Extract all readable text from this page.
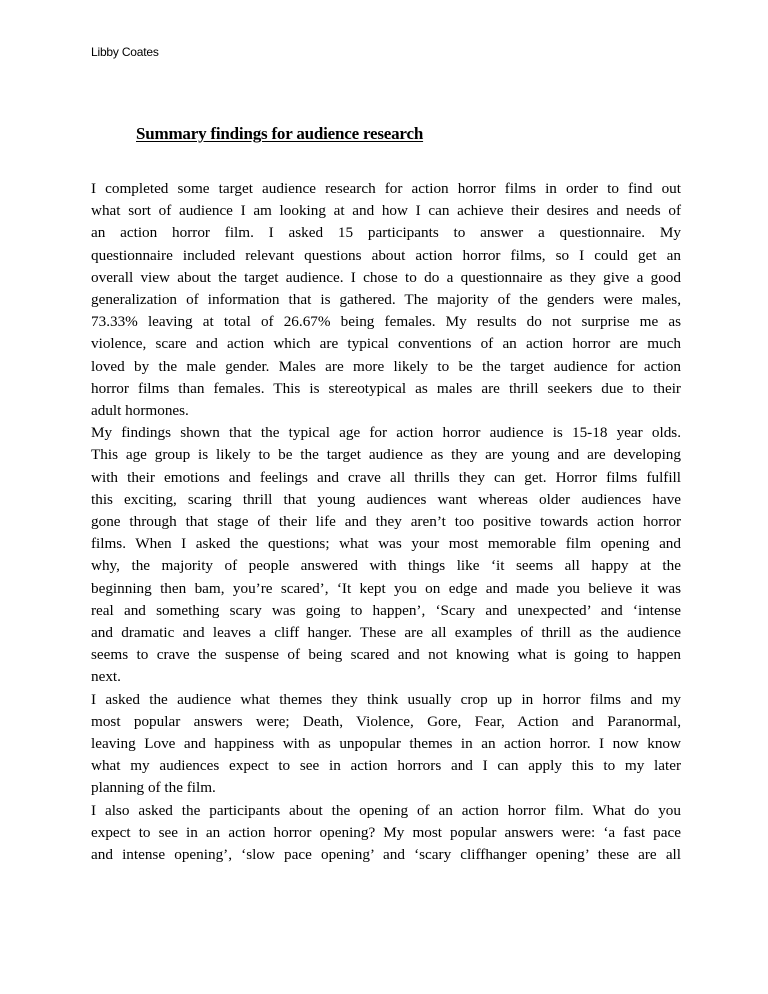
Libby Coates
Summary findings for audience research

I completed some target audience research for action horror films in order to find out
what sort of audience I am looking at and how I can achieve their desires and needs of
an action horror film. I asked 15 participants to answer a questionnaire. My
questionnaire included relevant questions about action horror films, so I could get an
overall view about the target audience. I chose to do a questionnaire as they give a good
generalization of information that is gathered. The majority of the genders were males,
73.33% leaving at total of 26.67% being females. My results do not surprise me as
violence, scare and action which are typical conventions of an action horror are much
loved by the male gender. Males are more likely to be the target audience for action
horror films than females. This is stereotypical as males are thrill seekers due to their
adult hormones.

My findings shown that the typical age for action horror audience is 15-18 year olds.
This age group is likely to be the target audience as they are young and are developing
with their emotions and feelings and crave all thrills they can get. Horror films fulfill
this exciting, scaring thrill that young audiences want whereas older audiences have
gone through that stage of their life and they aren’t too positive towards action horror
films. When I asked the questions; what was your most memorable film opening and
why, the majority of people answered with things like ‘it seems all happy at the
beginning then bam, you’re scared’, ‘It kept you on edge and made you believe it was
real and something scary was going to happen’, ‘Scary and unexpected’ and ‘intense
and dramatic and leaves a cliff hanger. These are all examples of thrill as the audience
seems to crave the suspense of being scared and not knowing what is going to happen
next.

I asked the audience what themes they think usually crop up in horror films and my
most popular answers were; Death, Violence, Gore, Fear, Action and Paranormal,
leaving Love and happiness with as unpopular themes in an action horror. I now know
what my audiences expect to see in action horrors and I can apply this to my later
planning of the film.

I also asked the participants about the opening of an action horror film. What do you
expect to see in an action horror opening? My most popular answers were: ‘a fast pace
and intense opening’, ‘slow pace opening’ and ‘scary cliffhanger opening’ these are all
